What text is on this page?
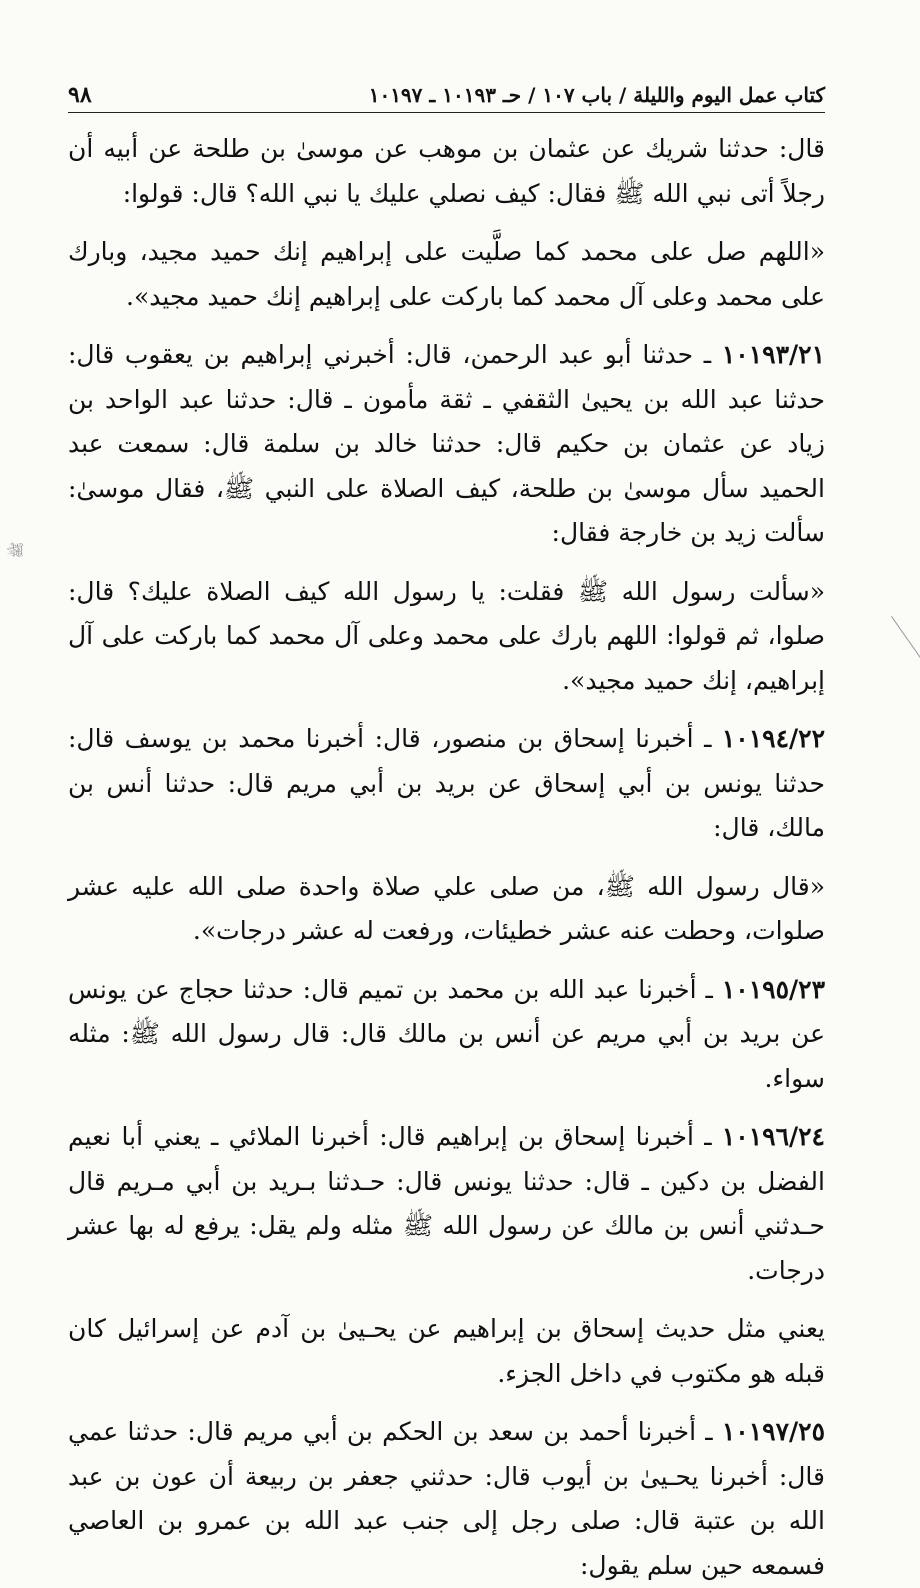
كتاب عمل اليوم والليلة / باب ١٠٧ / حـ ١٠١٩٣ ـ ١٠١٩٧
٩٨

قال: حدثنا شريك عن عثمان بن موهب عن موسىٰ بن طلحة عن أبيه أن رجلاً أتى نبي الله ﷺ فقال: كيف نصلي عليك يا نبي الله؟ قال: قولوا:

«اللهم صل على محمد كما صلَّيت على إبراهيم إنك حميد مجيد، وبارك على محمد وعلى آل محمد كما باركت على إبراهيم إنك حميد مجيد».

١٠١٩٣/٢١ ـ حدثنا أبو عبد الرحمن، قال: أخبرني إبراهيم بن يعقوب قال: حدثنا عبد الله بن يحيىٰ الثقفي ـ ثقة مأمون ـ قال: حدثنا عبد الواحد بن زياد عن عثمان بن حكيم قال: حدثنا خالد بن سلمة قال: سمعت عبد الحميد سأل موسىٰ بن طلحة، كيف الصلاة على النبي ﷺ، فقال موسىٰ: سألت زيد بن خارجة فقال:

«سألت رسول الله ﷺ فقلت: يا رسول الله كيف الصلاة عليك؟ قال: صلوا، ثم قولوا: اللهم بارك على محمد وعلى آل محمد كما باركت على آل إبراهيم، إنك حميد مجيد».

١٠١٩٤/٢٢ ـ أخبرنا إسحاق بن منصور، قال: أخبرنا محمد بن يوسف قال: حدثنا يونس بن أبي إسحاق عن بريد بن أبي مريم قال: حدثنا أنس بن مالك، قال:

«قال رسول الله ﷺ، من صلى علي صلاة واحدة صلى الله عليه عشر صلوات، وحطت عنه عشر خطيئات، ورفعت له عشر درجات».

١٠١٩٥/٢٣ ـ أخبرنا عبد الله بن محمد بن تميم قال: حدثنا حجاج عن يونس عن بريد بن أبي مريم عن أنس بن مالك قال: قال رسول الله ﷺ: مثله سواء.

١٠١٩٦/٢٤ ـ أخبرنا إسحاق بن إبراهيم قال: أخبرنا الملائي ـ يعني أبا نعيم الفضل بن دكين ـ قال: حدثنا يونس قال: حـدثنا بـريد بن أبي مـريم قال حـدثني أنس بن مالك عن رسول الله ﷺ مثله ولم يقل: يرفع له بها عشر درجات.

يعني مثل حديث إسحاق بن إبراهيم عن يحـيىٰ بن آدم عن إسرائيل كان قبله هو مكتوب في داخل الجزء.

١٠١٩٧/٢٥ ـ أخبرنا أحمد بن سعد بن الحكم بن أبي مريم قال: حدثنا عمي قال: أخبرنا يحـيىٰ بن أيوب قال: حدثني جعفر بن ربيعة أن عون بن عبد الله بن عتبة قال: صلى رجل إلى جنب عبد الله بن عمرو بن العاصي فسمعه حين سلم يقول:

ﷺ
